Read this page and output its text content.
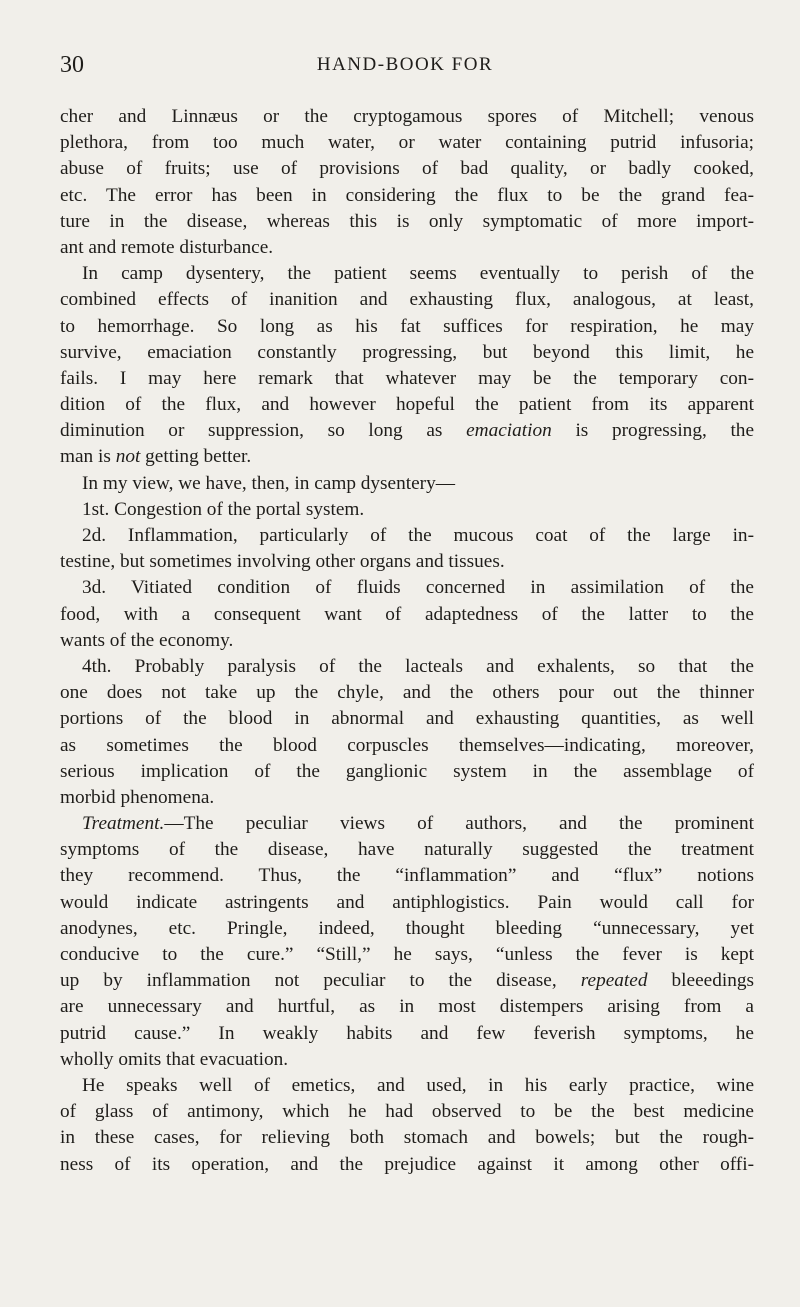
30	HAND-BOOK FOR
cher and Linnæus or the cryptogamous spores of Mitchell; venous
plethora, from too much water, or water containing putrid infusoria;
abuse of fruits; use of provisions of bad quality, or badly cooked,
etc. The error has been in considering the flux to be the grand fea-
ture in the disease, whereas this is only symptomatic of more import-
ant and remote disturbance.
In camp dysentery, the patient seems eventually to perish of the
combined effects of inanition and exhausting flux, analogous, at least,
to hemorrhage. So long as his fat suffices for respiration, he may
survive, emaciation constantly progressing, but beyond this limit, he
fails. I may here remark that whatever may be the temporary con-
dition of the flux, and however hopeful the patient from its apparent
diminution or suppression, so long as emaciation is progressing, the
man is not getting better.
In my view, we have, then, in camp dysentery—
1st. Congestion of the portal system.
2d. Inflammation, particularly of the mucous coat of the large in-
testine, but sometimes involving other organs and tissues.
3d. Vitiated condition of fluids concerned in assimilation of the
food, with a consequent want of adaptedness of the latter to the
wants of the economy.
4th. Probably paralysis of the lacteals and exhalents, so that the
one does not take up the chyle, and the others pour out the thinner
portions of the blood in abnormal and exhausting quantities, as well
as sometimes the blood corpuscles themselves—indicating, moreover,
serious implication of the ganglionic system in the assemblage of
morbid phenomena.
Treatment.—The peculiar views of authors, and the prominent
symptoms of the disease, have naturally suggested the treatment
they recommend. Thus, the “inflammation” and “flux” notions
would indicate astringents and antiphlogistics. Pain would call for
anodynes, etc. Pringle, indeed, thought bleeding “unnecessary, yet
conducive to the cure.” “Still,” he says, “unless the fever is kept
up by inflammation not peculiar to the disease, repeated bleeedings
are unnecessary and hurtful, as in most distempers arising from a
putrid cause.” In weakly habits and few feverish symptoms, he
wholly omits that evacuation.
He speaks well of emetics, and used, in his early practice, wine
of glass of antimony, which he had observed to be the best medicine
in these cases, for relieving both stomach and bowels; but the rough-
ness of its operation, and the prejudice against it among other offi-
